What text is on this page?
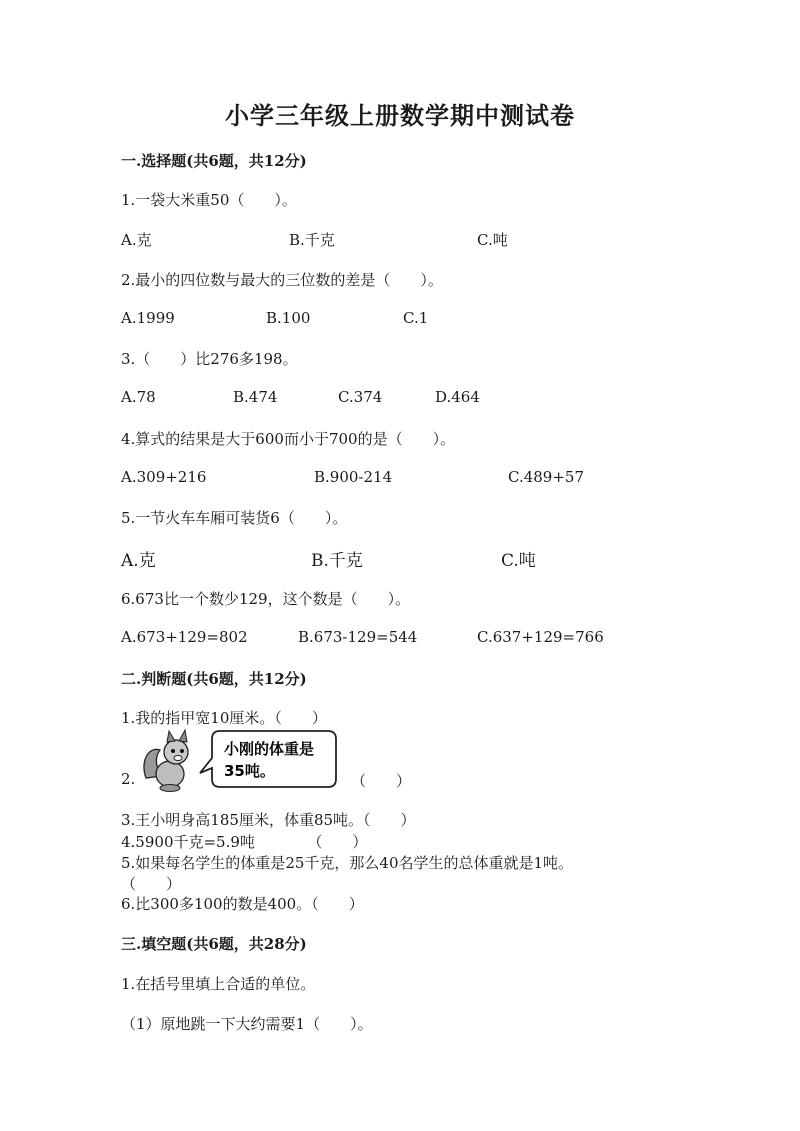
小学三年级上册数学期中测试卷
一.选择题(共6题，共12分)
1.一袋大米重50（　　）。
A.克	B.千克	C.吨
2.最小的四位数与最大的三位数的差是（　　）。
A.1999	B.100	C.1
3.（　　）比276多198。
A.78	B.474	C.374	D.464
4.算式的结果是大于600而小于700的是（　　）。
A.309+216	B.900-214	C.489+57
5.一节火车车厢可装货6（　　）。
A.克	B.千克	C.吨
6.673比一个数少129，这个数是（　　）。
A.673+129=802	B.673-129=544	C.637+129=766
二.判断题(共6题，共12分)
1.我的指甲宽10厘米。（　　）
2.
小刚的体重是
35吨。
（　　）
3.王小明身高185厘米，体重85吨。（　　）
4.5900千克=5.9吨　　　　（　　）
5.如果每名学生的体重是25千克，那么40名学生的总体重就是1吨。
（　　）
6.比300多100的数是400。（　　）
三.填空题(共6题，共28分)
1.在括号里填上合适的单位。
（1）原地跳一下大约需要1（　　）。
